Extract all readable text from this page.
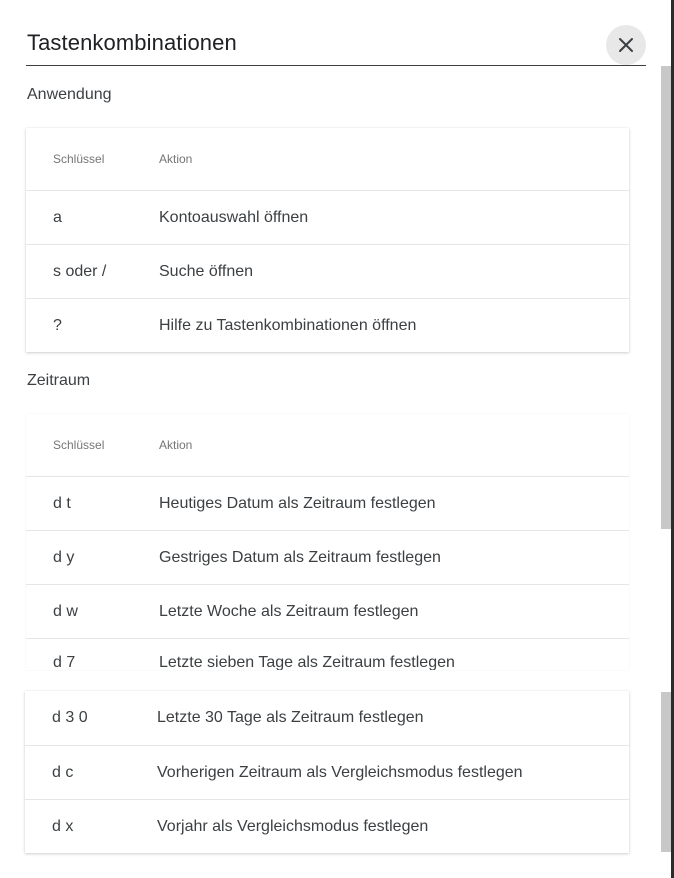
Tastenkombinationen
Anwendung
Schlüssel	Aktion
a	Kontoauswahl öffnen
s oder /	Suche öffnen
?	Hilfe zu Tastenkombinationen öffnen
Zeitraum
Schlüssel	Aktion
d t	Heutiges Datum als Zeitraum festlegen
d y	Gestriges Datum als Zeitraum festlegen
d w	Letzte Woche als Zeitraum festlegen
d 7	Letzte sieben Tage als Zeitraum festlegen
d 3 0	Letzte 30 Tage als Zeitraum festlegen
d c	Vorherigen Zeitraum als Vergleichsmodus festlegen
d x	Vorjahr als Vergleichsmodus festlegen
